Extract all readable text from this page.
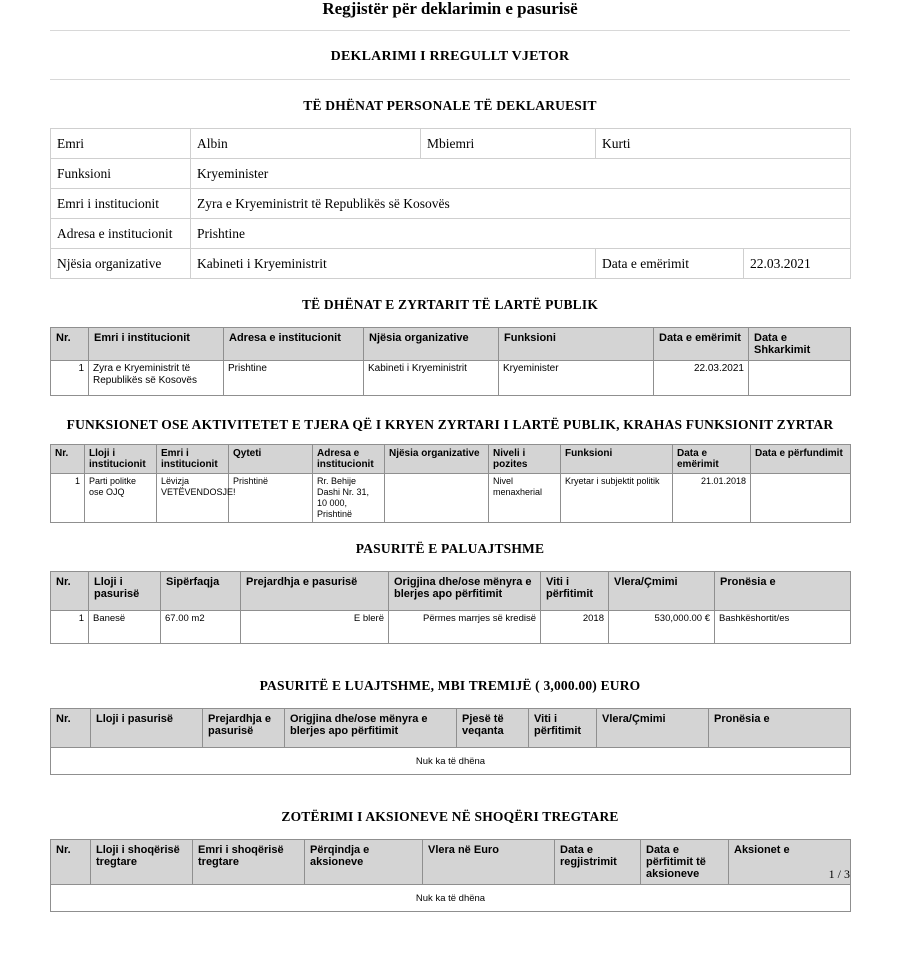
Regjistër për deklarimin e pasurisë
DEKLARIMI I RREGULLT VJETOR
TË DHËNAT PERSONALE TË DEKLARUESIT
Emri	Albin	Mbiemri	Kurti
Funksioni	Kryeminister
Emri i institucionit	Zyra e Kryeministrit të Republikës së Kosovës
Adresa e institucionit	Prishtine
Njësia organizative	Kabineti i Kryeministrit		Data e emërimit	22.03.2021
TË DHËNAT E ZYRTARIT TË LARTË PUBLIK
Nr.	Emri i institucionit	Adresa e institucionit	Njësia organizative	Funksioni	Data e emërimit	Data e Shkarkimit
1	Zyra e Kryeministrit të Republikës së Kosovës	Prishtine	Kabineti i Kryeministrit	Kryeminister	22.03.2021	
FUNKSIONET OSE AKTIVITETET E TJERA QË I KRYEN ZYRTARI I LARTË PUBLIK, KRAHAS FUNKSIONIT ZYRTAR
Nr.	Lloji i institucionit	Emri i institucionit	Qyteti	Adresa e institucionit	Njësia organizative	Niveli i pozites	Funksioni	Data e emërimit	Data e përfundimit
1	Parti politke ose OJQ	Lëvizja VETËVENDOSJE!	Prishtinë	Rr. Behije Dashi Nr. 31, 10 000, Prishtinë		Nivel menaxherial	Kryetar i subjektit politik	21.01.2018	
PASURITË E PALUAJTSHME
Nr.	Lloji i pasurisë	Sipërfaqja	Prejardhja e pasurisë	Origjina dhe/ose mënyra e blerjes apo përfitimit	Viti i përfitimit	Vlera/Çmimi	Pronësia e
1	Banesë	67.00 m2	E blerë	Përmes marrjes së kredisë	2018	530,000.00 €	Bashkëshortit/es
PASURITË E LUAJTSHME, MBI TREMIJË ( 3,000.00) EURO
Nr.	Lloji i pasurisë	Prejardhja e pasurisë	Origjina dhe/ose mënyra e blerjes apo përfitimit	Pjesë të veqanta	Viti i përfitimit	Vlera/Çmimi	Pronësia e
Nuk ka të dhëna
ZOTËRIMI I AKSIONEVE NË SHOQËRI TREGTARE
Nr.	Lloji i shoqërisë tregtare	Emri i shoqërisë tregtare	Përqindja e aksioneve	Vlera në Euro	Data e regjistrimit	Data e përfitimit të aksioneve	Aksionet e
Nuk ka të dhëna
1 / 3
